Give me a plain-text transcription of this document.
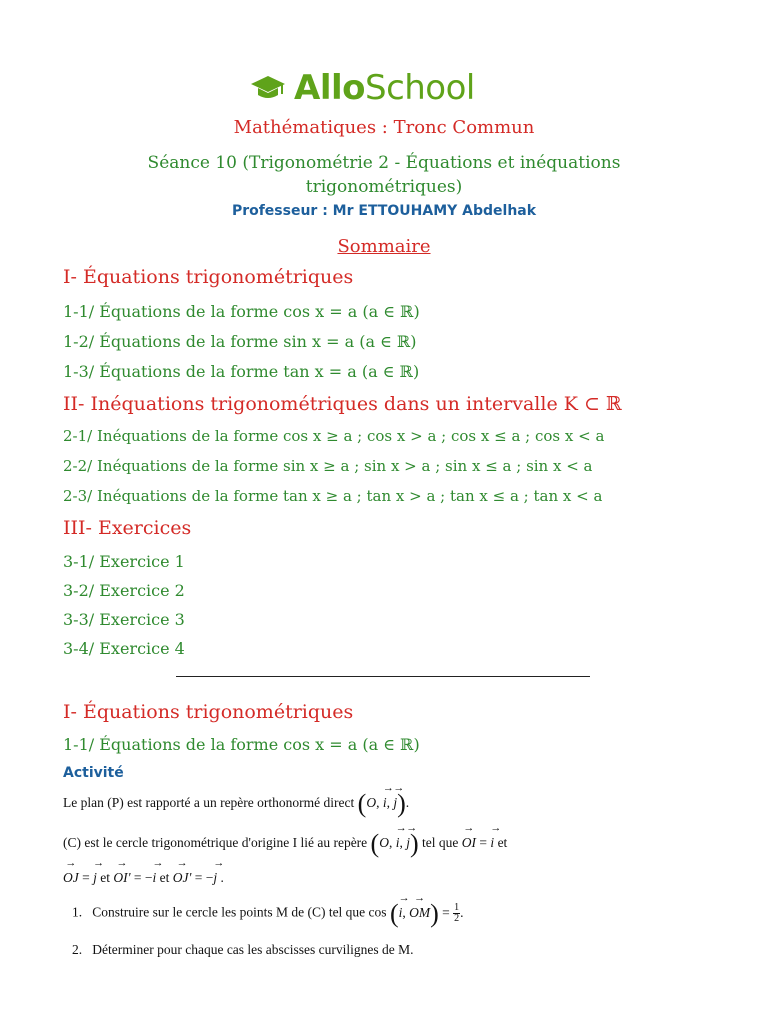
AlloSchool
Mathématiques : Tronc Commun
Séance 10 (Trigonométrie 2 - Équations et inéquations
trigonométriques)
Professeur : Mr ETTOUHAMY Abdelhak
Sommaire
I- Équations trigonométriques
1-1/ Équations de la forme cos x = a (a ∈ ℝ)
1-2/ Équations de la forme sin x = a (a ∈ ℝ)
1-3/ Équations de la forme tan x = a (a ∈ ℝ)
II- Inéquations trigonométriques dans un intervalle K ⊂ ℝ
2-1/ Inéquations de la forme cos x ≥ a ; cos x > a ; cos x ≤ a ; cos x < a
2-2/ Inéquations de la forme sin x ≥ a ; sin x > a ; sin x ≤ a ; sin x < a
2-3/ Inéquations de la forme tan x ≥ a ; tan x > a ; tan x ≤ a ; tan x < a
III- Exercices
3-1/ Exercice 1
3-2/ Exercice 2
3-3/ Exercice 3
3-4/ Exercice 4
I- Équations trigonométriques
1-1/ Équations de la forme cos x = a (a ∈ ℝ)
Activité
Le plan (P) est rapporté a un repère orthonormé direct (O, → i, → j).
(C) est le cercle trigonométrique d'origine I lié au repère (O, → i, → j) tel que → OI = → i et
→ OJ = → j et → OI' = −→ i et → OJ' = −→ j .
1. Construire sur le cercle les points M de (C) tel que cos (→ i, → $OM) = \frac{1}{2}$ .
2. Déterminer pour chaque cas les abscisses curvilignes de M.
